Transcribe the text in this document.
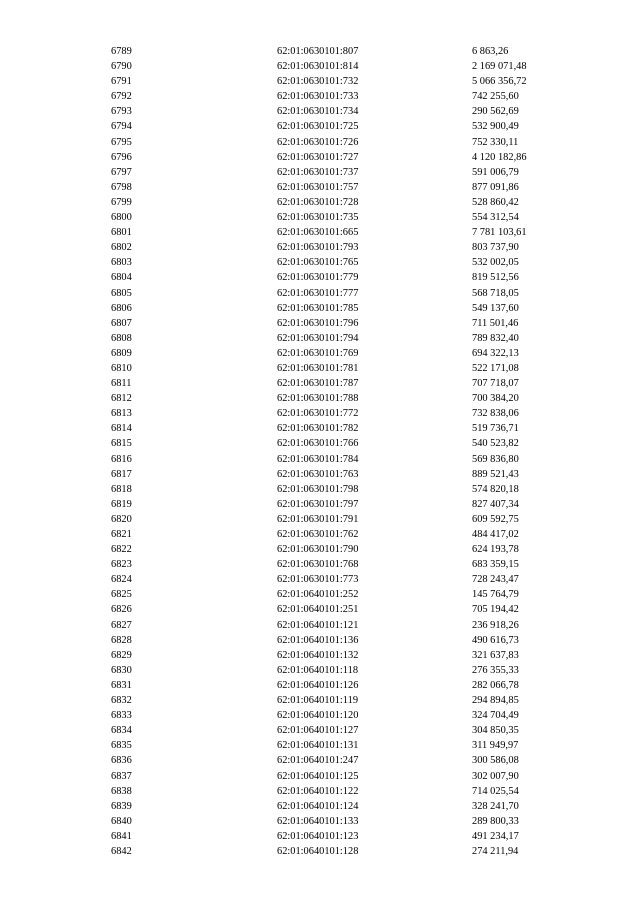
6789	62:01:0630101:807	6 863,26
6790	62:01:0630101:814	2 169 071,48
6791	62:01:0630101:732	5 066 356,72
6792	62:01:0630101:733	742 255,60
6793	62:01:0630101:734	290 562,69
6794	62:01:0630101:725	532 900,49
6795	62:01:0630101:726	752 330,11
6796	62:01:0630101:727	4 120 182,86
6797	62:01:0630101:737	591 006,79
6798	62:01:0630101:757	877 091,86
6799	62:01:0630101:728	528 860,42
6800	62:01:0630101:735	554 312,54
6801	62:01:0630101:665	7 781 103,61
6802	62:01:0630101:793	803 737,90
6803	62:01:0630101:765	532 002,05
6804	62:01:0630101:779	819 512,56
6805	62:01:0630101:777	568 718,05
6806	62:01:0630101:785	549 137,60
6807	62:01:0630101:796	711 501,46
6808	62:01:0630101:794	789 832,40
6809	62:01:0630101:769	694 322,13
6810	62:01:0630101:781	522 171,08
6811	62:01:0630101:787	707 718,07
6812	62:01:0630101:788	700 384,20
6813	62:01:0630101:772	732 838,06
6814	62:01:0630101:782	519 736,71
6815	62:01:0630101:766	540 523,82
6816	62:01:0630101:784	569 836,80
6817	62:01:0630101:763	889 521,43
6818	62:01:0630101:798	574 820,18
6819	62:01:0630101:797	827 407,34
6820	62:01:0630101:791	609 592,75
6821	62:01:0630101:762	484 417,02
6822	62:01:0630101:790	624 193,78
6823	62:01:0630101:768	683 359,15
6824	62:01:0630101:773	728 243,47
6825	62:01:0640101:252	145 764,79
6826	62:01:0640101:251	705 194,42
6827	62:01:0640101:121	236 918,26
6828	62:01:0640101:136	490 616,73
6829	62:01:0640101:132	321 637,83
6830	62:01:0640101:118	276 355,33
6831	62:01:0640101:126	282 066,78
6832	62:01:0640101:119	294 894,85
6833	62:01:0640101:120	324 704,49
6834	62:01:0640101:127	304 850,35
6835	62:01:0640101:131	311 949,97
6836	62:01:0640101:247	300 586,08
6837	62:01:0640101:125	302 007,90
6838	62:01:0640101:122	714 025,54
6839	62:01:0640101:124	328 241,70
6840	62:01:0640101:133	289 800,33
6841	62:01:0640101:123	491 234,17
6842	62:01:0640101:128	274 211,94
